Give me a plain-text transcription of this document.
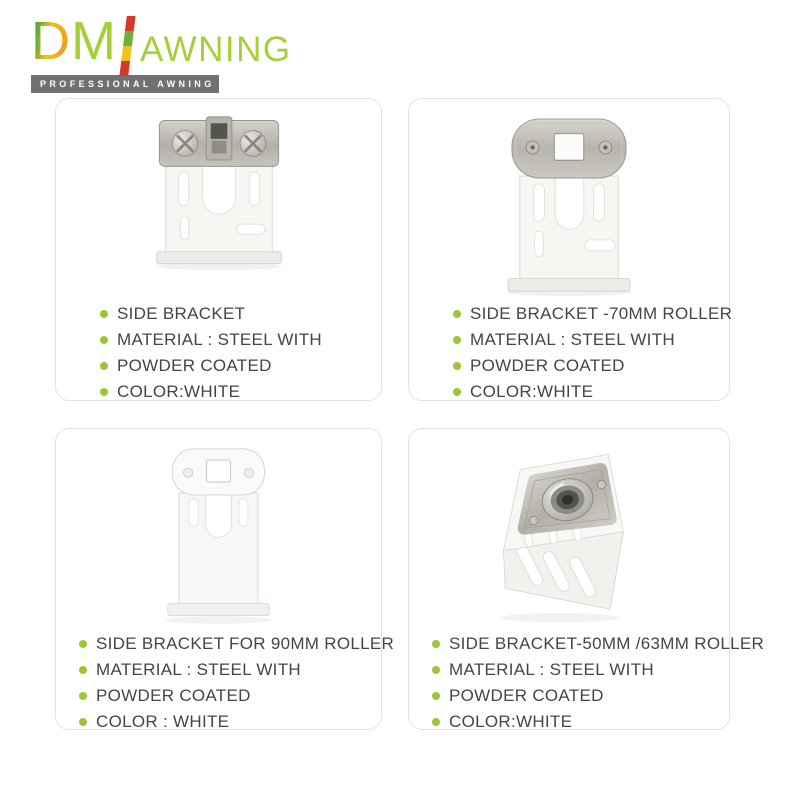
D M AWNING
PROFESSIONAL AWNING
SIDE BRACKET
MATERIAL : STEEL WITH
POWDER COATED
COLOR:WHITE
SIDE BRACKET -70MM ROLLER
MATERIAL : STEEL WITH
POWDER COATED
COLOR:WHITE
SIDE BRACKET FOR 90MM ROLLER
MATERIAL : STEEL WITH
POWDER COATED
COLOR : WHITE
SIDE BRACKET-50MM /63MM ROLLER
MATERIAL : STEEL WITH
POWDER COATED
COLOR:WHITE
